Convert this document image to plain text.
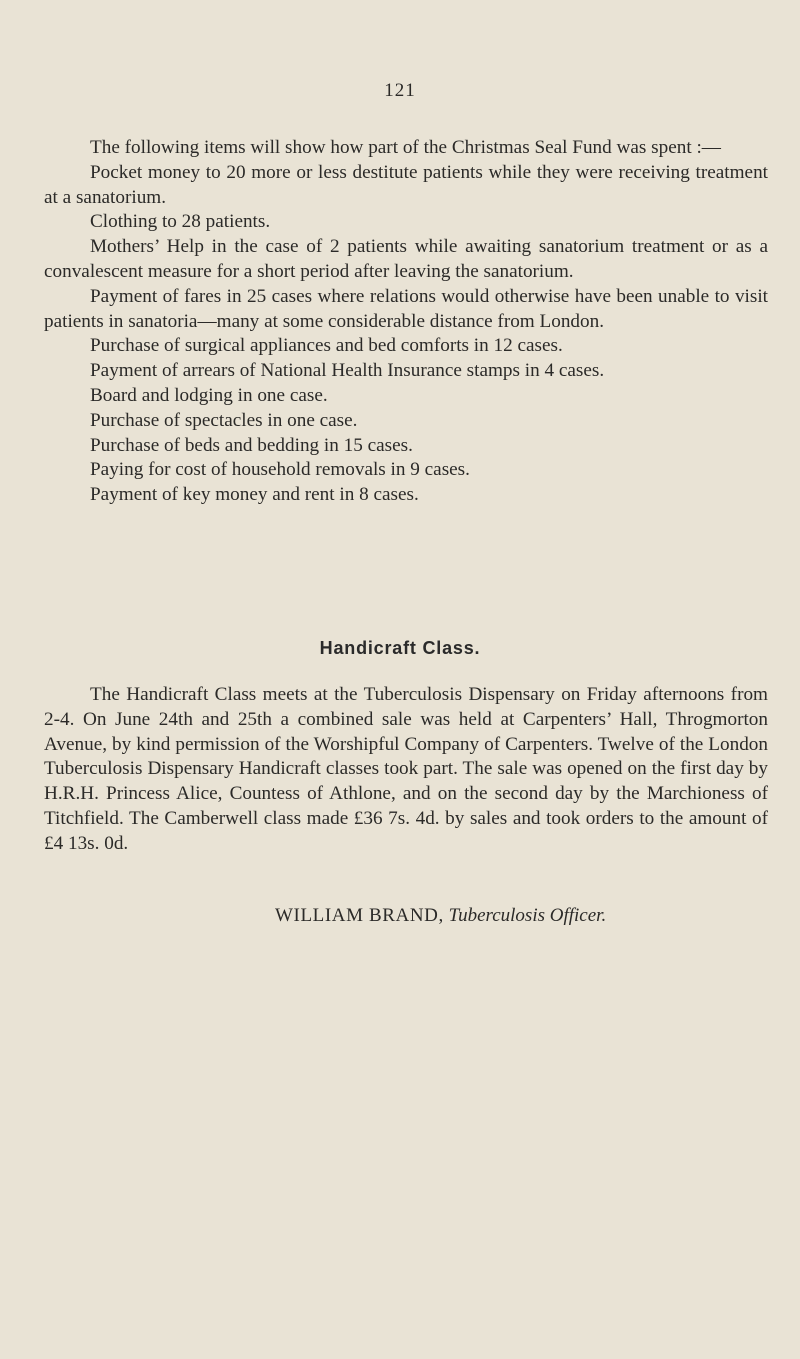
121

The following items will show how part of the Christmas Seal Fund was spent :—

Pocket money to 20 more or less destitute patients while they were receiving treatment at a sanatorium.

Clothing to 28 patients.

Mothers’ Help in the case of 2 patients while awaiting sanatorium treatment or as a convalescent measure for a short period after leaving the sanatorium.

Payment of fares in 25 cases where relations would otherwise have been unable to visit patients in sanatoria—many at some considerable distance from London.

Purchase of surgical appliances and bed comforts in 12 cases.

Payment of arrears of National Health Insurance stamps in 4 cases.

Board and lodging in one case.

Purchase of spectacles in one case.

Purchase of beds and bedding in 15 cases.

Paying for cost of household removals in 9 cases.

Payment of key money and rent in 8 cases.

Handicraft Class.

The Handicraft Class meets at the Tuberculosis Dispensary on Friday afternoons from 2-4. On June 24th and 25th a combined sale was held at Carpenters’ Hall, Throgmorton Avenue, by kind permission of the Worshipful Company of Carpenters. Twelve of the London Tuberculosis Dispensary Handicraft classes took part. The sale was opened on the first day by H.R.H. Princess Alice, Countess of Athlone, and on the second day by the Marchioness of Titchfield. The Camberwell class made £36 7s. 4d. by sales and took orders to the amount of £4 13s. 0d.

WILLIAM BRAND, Tuberculosis Officer.
